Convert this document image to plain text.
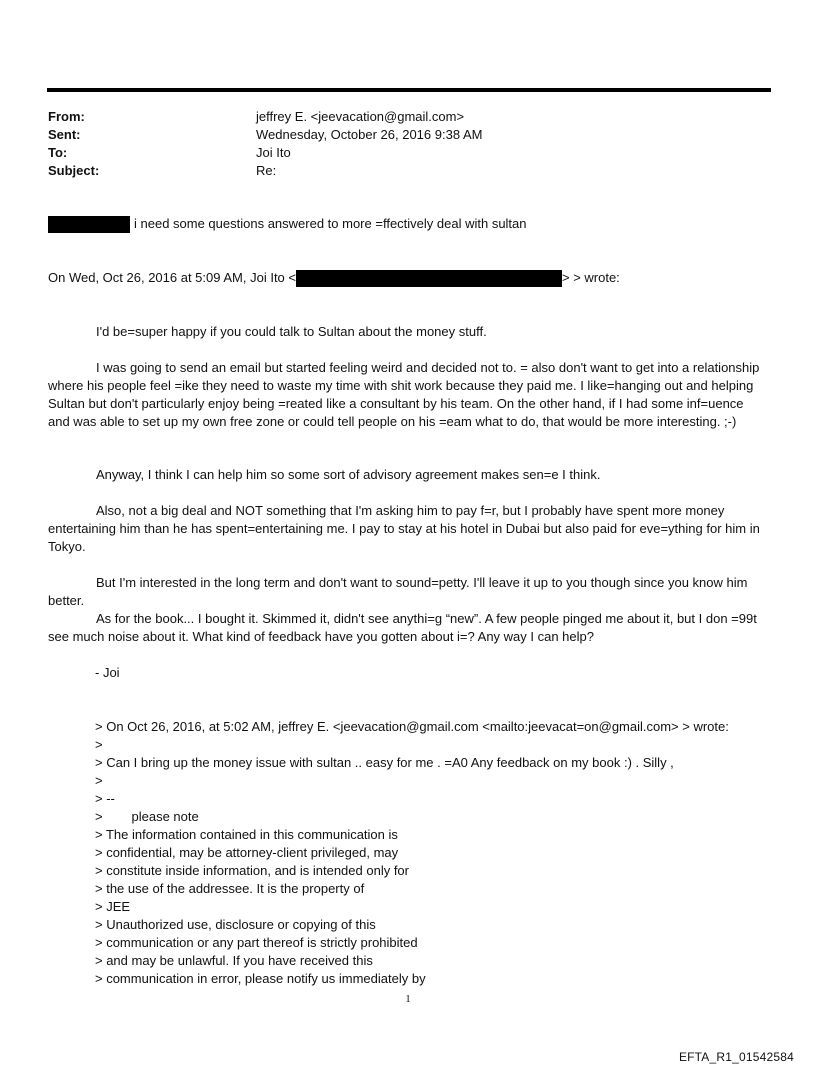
From:	jeffrey E. <jeevacation@gmail.com>
Sent:	Wednesday, October 26, 2016 9:38 AM
To:	Joi Ito
Subject:	Re:
i need some questions answered to more =ffectively deal with sultan
On Wed, Oct 26, 2016 at 5:09 AM, Joi Ito <	> > wrote:
I'd be=super happy if you could talk to Sultan about the money stuff.
I was going to send an email but started feeling weird and decided not to. = also don't want to get into a relationship where his people feel =ike they need to waste my time with shit work because they paid me. I like=hanging out and helping Sultan but don't particularly enjoy being =reated like a consultant by his team. On the other hand, if I had some inf=uence and was able to set up my own free zone or could tell people on his =eam what to do, that would be more interesting. ;-)
Anyway, I think I can help him so some sort of advisory agreement makes sen=e I think.
Also, not a big deal and NOT something that I'm asking him to pay f=r, but I probably have spent more money entertaining him than he has spent=entertaining me. I pay to stay at his hotel in Dubai but also paid for eve=ything for him in Tokyo.
But I'm interested in the long term and don't want to sound=petty. I'll leave it up to you though since you know him better.
As for the book... I bought it. Skimmed it, didn't see anythi=g “new”. A few people pinged me about it, but I don =99t see much noise about it. What kind of feedback have you gotten about i=? Any way I can help?
- Joi
> On Oct 26, 2016, at 5:02 AM, jeffrey E. <jeevacation@gmail.com <mailto:jeevacat=on@gmail.com> > wrote:
>
> Can I bring up the money issue with sultan .. easy for me . =A0 Any feedback on my book :) . Silly ,
>
> --
>        please note
> The information contained in this communication is
> confidential, may be attorney-client privileged, may
> constitute inside information, and is intended only for
> the use of the addressee. It is the property of
> JEE
> Unauthorized use, disclosure or copying of this
> communication or any part thereof is strictly prohibited
> and may be unlawful. If you have received this
> communication in error, please notify us immediately by
1
EFTA_R1_01542584
